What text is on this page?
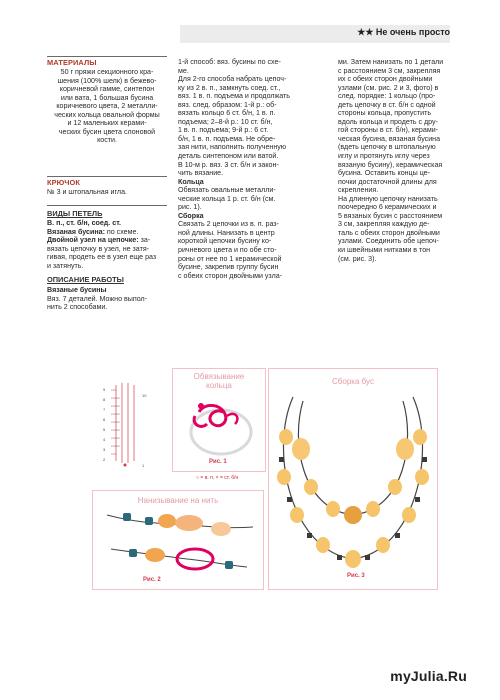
★★ Не очень просто
МАТЕРИАЛЫ
50 г пряжи секционного кра-
шения (100% шелк) в бежево-
коричневой гамме, синтепон
или вата, 1 большая бусина
коричневого цвета, 2 металли-
ческих кольца овальной формы
и 12 маленьких керами-
ческих бусин цвета слоновой
кости.
КРЮЧОК
№ 3 и штопальная игла.
ВИДЫ ПЕТЕЛЬ
В. п., ст. б/н, соед. ст.
Вязаная бусина: по схеме.
Двойной узел на цепочке: за-
вязать цепочку в узел, не затя-
гивая, продеть ее в узел еще раз
и затянуть.
ОПИСАНИЕ РАБОТЫ
Вязаные бусины
Вяз. 7 деталей. Можно выпол-
нить 2 способами.
1-й способ: вяз. бусины по схе-
ме.
Для 2-го способа набрать цепоч-
ку из 2 в. п., замкнуть соед. ст.,
вяз. 1 в. п. подъема и продолжать
вяз. след. образом: 1-й р.: об-
вязать кольцо 6 ст. б/н, 1 в. п.
подъема; 2–8-й р.: 10 ст. б/н,
1 в. п. подъема; 9-й р.: 6 ст.
б/н, 1 в. п. подъема. Не обре-
зая нити, наполнить полученную
деталь синтепоном или ватой.
В 10-м р. вяз. 3 ст. б/н и закон-
чить вязание.
Кольца
Обвязать овальные металли-
ческие кольца 1 р. ст. б/н (см.
рис. 1).
Сборка
Связать 2 цепочки из в. п. раз-
ной длины. Нанизать в центр
короткой цепочки бусину ко-
ричневого цвета и по обе сто-
роны от нее по 1 керамической
бусине, закрепив группу бусин
с обеих сторон двойными узла-
ми. Затем нанизать по 1 детали
с расстоянием 3 см, закрепляя
их с обеих сторон двойными
узлами (см. рис. 2 и 3, фото) в
след. порядке: 1 кольцо (про-
деть цепочку в ст. б/н с одной
стороны кольца, пропустить
вдоль кольца и продеть с дру-
гой стороны в ст. б/н), керами-
ческая бусина, вязаная бусина
(вдеть цепочку в штопальную
иглу и протянуть иглу через
вязаную бусину), керамическая
бусина. Оставить концы це-
почки достаточной длины для
скрепления.
На длинную цепочку нанизать
поочередно 6 керамических и
5 вязаных бусин с расстоянием
3 см, закрепляя каждую де-
таль с обеих сторон двойными
узлами. Соединить обе цепоч-
ки швейными нитками в тон
(см. рис. 3).
×××
×××××
×××××
×××××
×××××
×××××
×××××
×××××
×××
9
8
7
6
5
4
3
2
10
1
Обвязывание
кольца
Рис. 1
○ = в. п. × = ст. б/н
Нанизывание на нить
Рис. 2
Сборка бус
Рис. 3
myJulia.Ru
